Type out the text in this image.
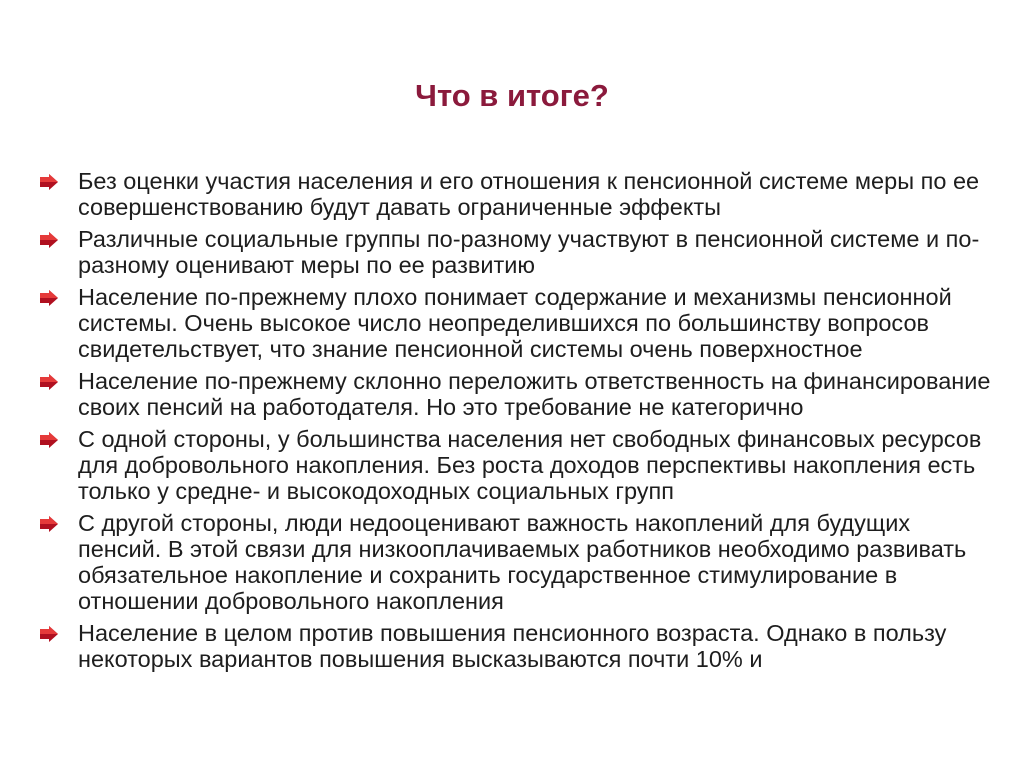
Что в итоге?
Без оценки участия населения и его отношения к пенсионной системе меры по ее совершенствованию будут давать ограниченные эффекты
Различные социальные группы по-разному участвуют в пенсионной системе и по-разному оценивают меры по ее развитию
Население по-прежнему плохо понимает содержание и механизмы пенсионной системы. Очень высокое число неопределившихся по большинству вопросов свидетельствует, что знание пенсионной системы очень поверхностное
Население по-прежнему склонно переложить ответственность на финансирование своих пенсий на работодателя. Но это требование не категорично
С одной стороны, у большинства населения нет свободных финансовых ресурсов для добровольного накопления. Без роста доходов перспективы накопления есть только у средне- и высокодоходных социальных групп
С другой стороны, люди недооценивают важность накоплений для будущих пенсий. В этой связи для низкооплачиваемых работников необходимо развивать обязательное накопление и сохранить государственное стимулирование в отношении добровольного накопления
Население в целом против повышения пенсионного возраста. Однако в пользу некоторых вариантов повышения высказываются почти 10% и
